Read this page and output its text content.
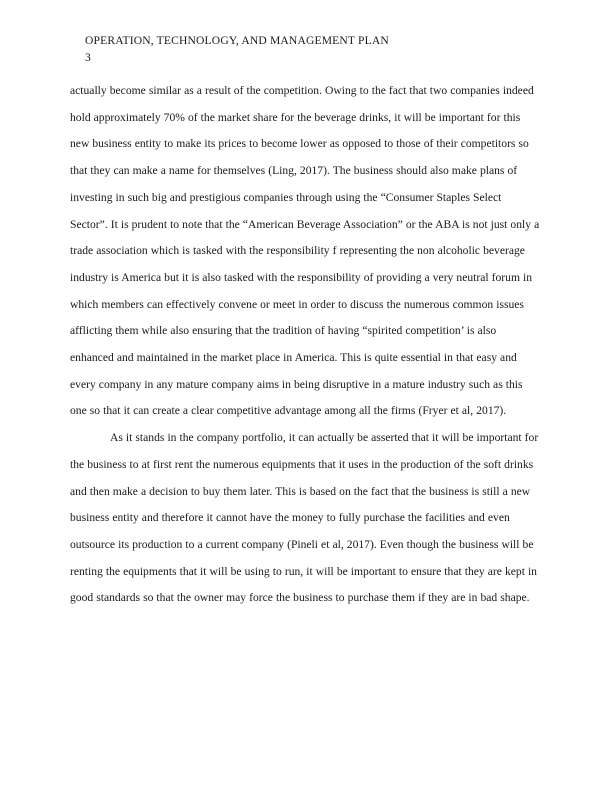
OPERATION, TECHNOLOGY, AND MANAGEMENT PLAN
3

actually become similar as a result of the competition. Owing to the fact that two companies indeed hold approximately 70% of the market share for the beverage drinks, it will be important for this new business entity to make its prices to become lower as opposed to those of their competitors so that they can make a name for themselves (Ling, 2017). The business should also make plans of investing in such big and prestigious companies through using the “Consumer Staples Select Sector”. It is prudent to note that the “American Beverage Association” or the ABA is not just only a trade association which is tasked with the responsibility f representing the non alcoholic beverage industry is America but it is also tasked with the responsibility of providing a very neutral forum in which members can effectively convene or meet in order to discuss the numerous common issues afflicting them while also ensuring that the tradition of having “spirited competition’ is also enhanced and maintained in the market place in America. This is quite essential in that easy and every company in any mature company aims in being disruptive in a mature industry such as this one so that it can create a clear competitive advantage among all the firms (Fryer et al, 2017).

As it stands in the company portfolio, it can actually be asserted that it will be important for the business to at first rent the numerous equipments that it uses in the production of the soft drinks and then make a decision to buy them later. This is based on the fact that the business is still a new business entity and therefore it cannot have the money to fully purchase the facilities and even outsource its production to a current company (Pineli et al, 2017). Even though the business will be renting the equipments that it will be using to run, it will be important to ensure that they are kept in good standards so that the owner may force the business to purchase them if they are in bad shape.
